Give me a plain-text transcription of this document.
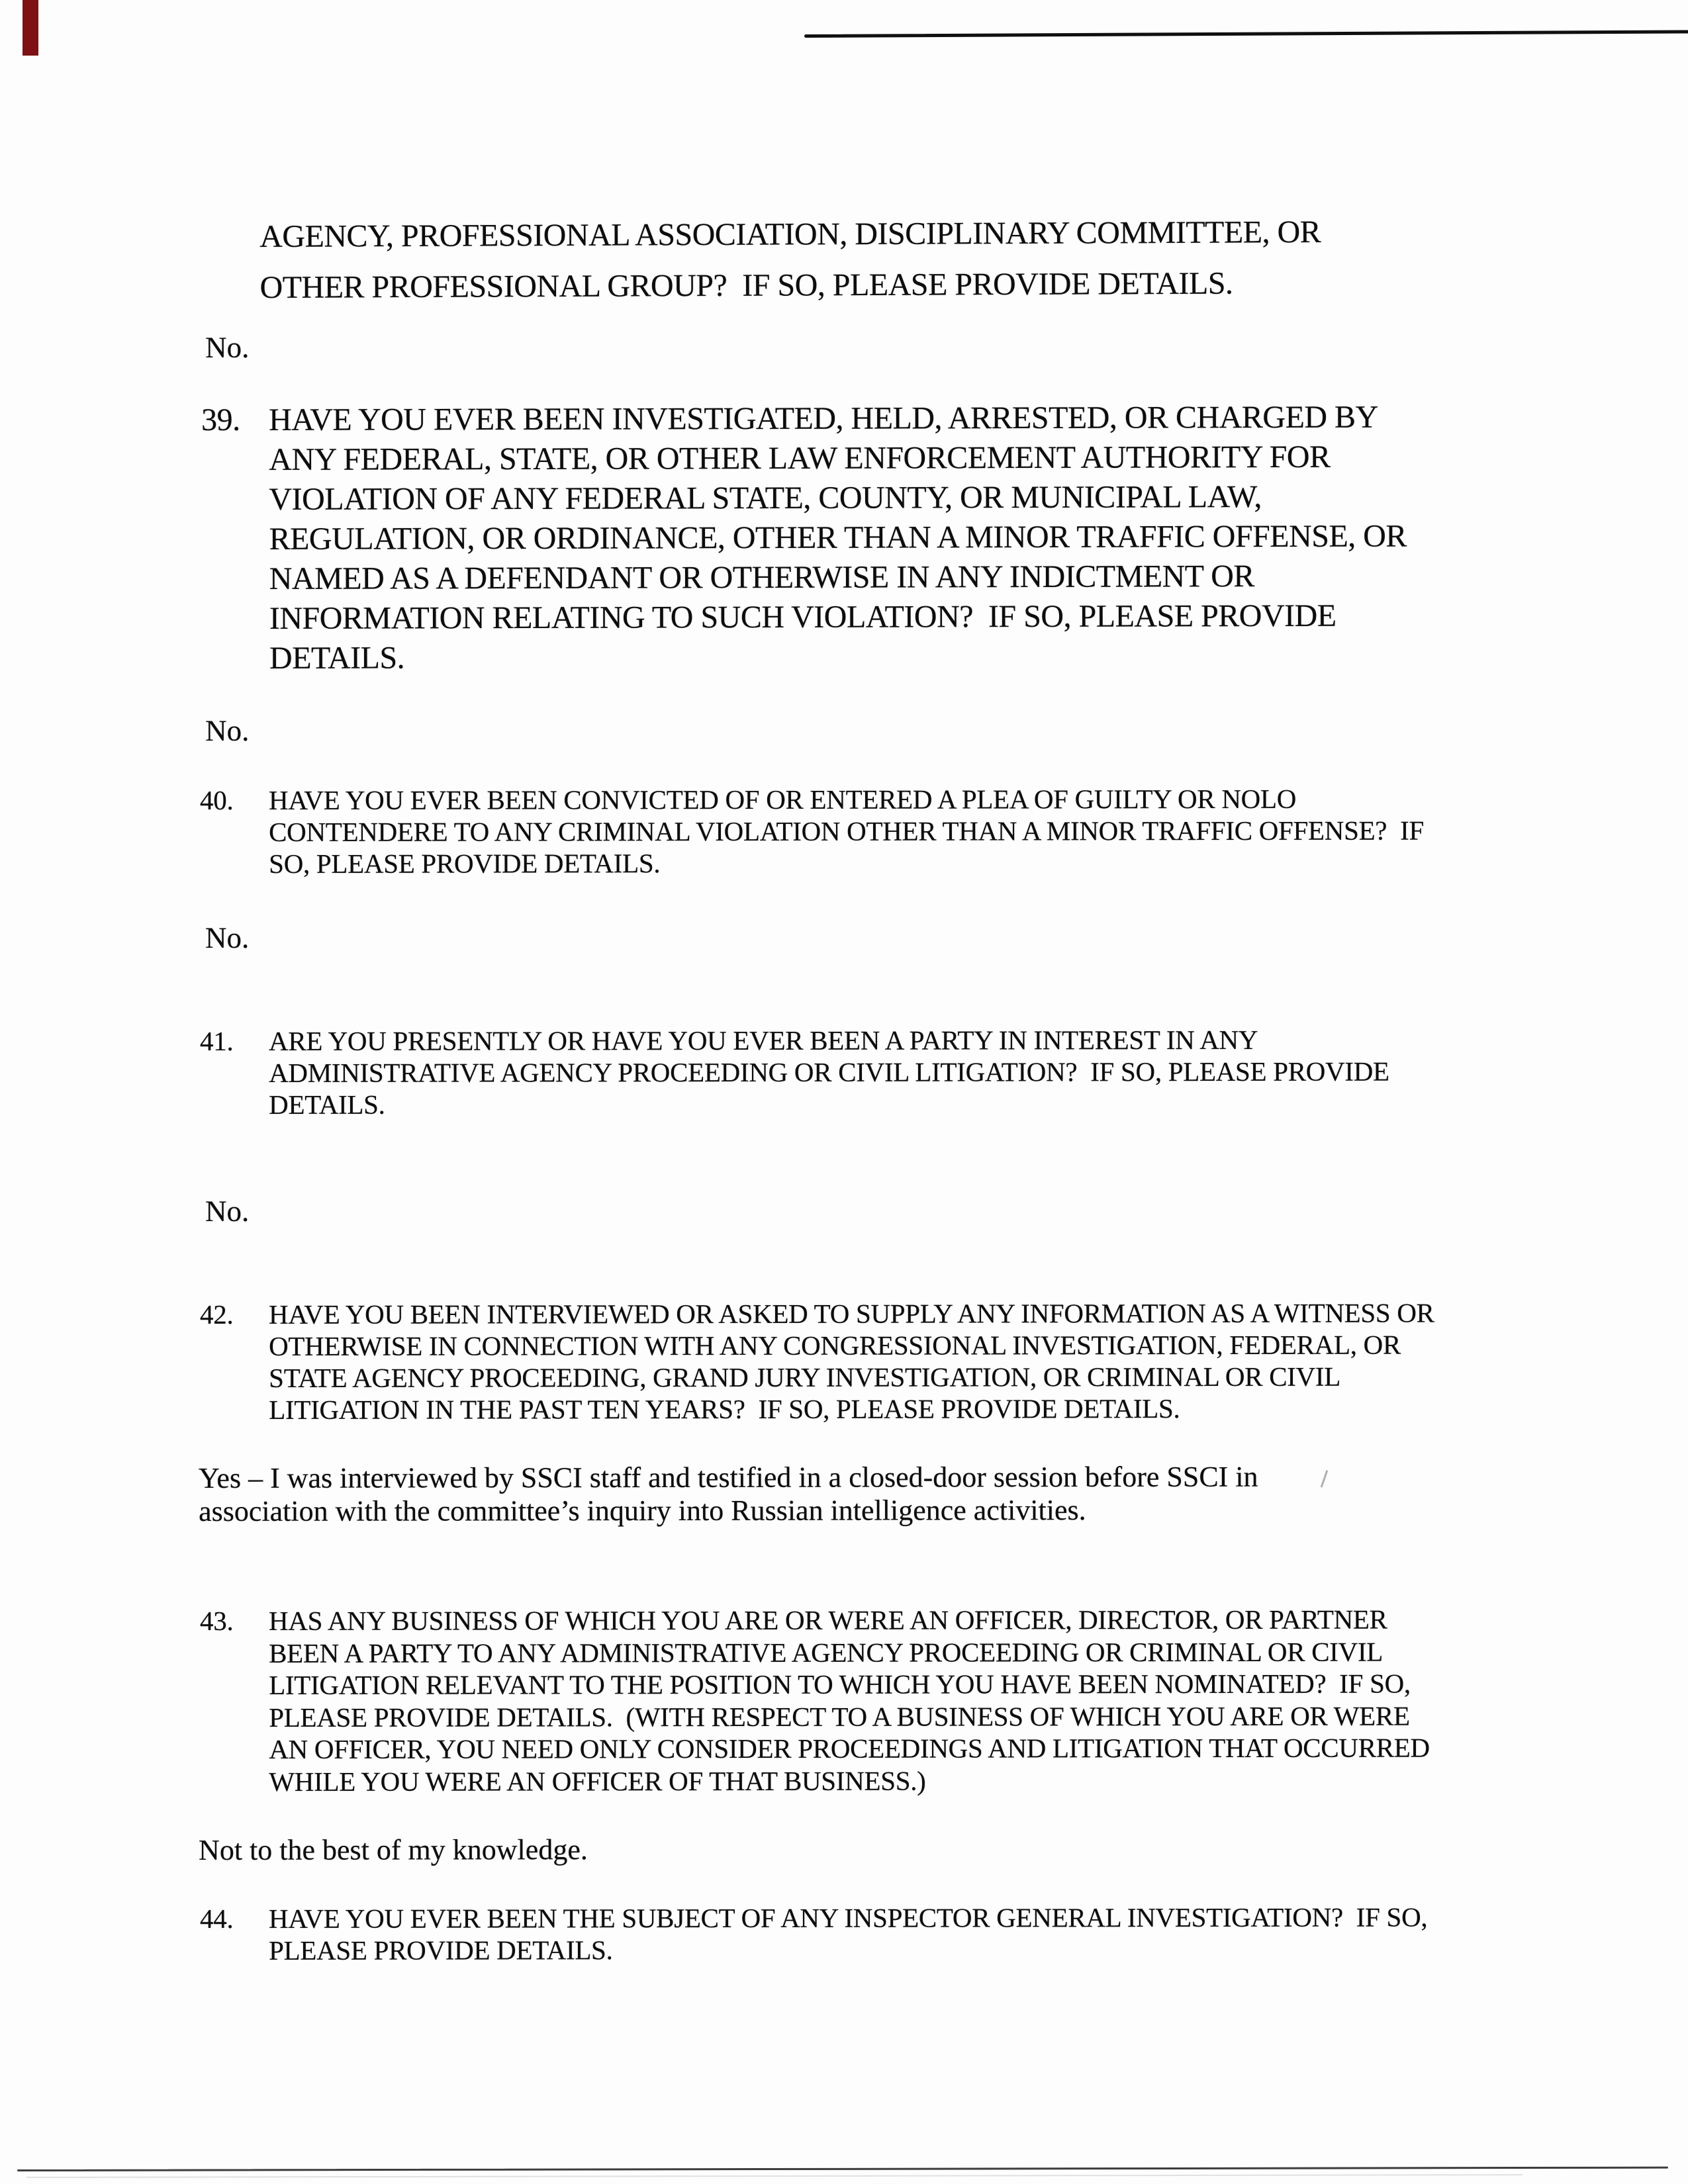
AGENCY, PROFESSIONAL ASSOCIATION, DISCIPLINARY COMMITTEE, OR
OTHER PROFESSIONAL GROUP?  IF SO, PLEASE PROVIDE DETAILS.
No.
39. HAVE YOU EVER BEEN INVESTIGATED, HELD, ARRESTED, OR CHARGED BY
ANY FEDERAL, STATE, OR OTHER LAW ENFORCEMENT AUTHORITY FOR
VIOLATION OF ANY FEDERAL STATE, COUNTY, OR MUNICIPAL LAW,
REGULATION, OR ORDINANCE, OTHER THAN A MINOR TRAFFIC OFFENSE, OR
NAMED AS A DEFENDANT OR OTHERWISE IN ANY INDICTMENT OR
INFORMATION RELATING TO SUCH VIOLATION?  IF SO, PLEASE PROVIDE
DETAILS.
No.
40. HAVE YOU EVER BEEN CONVICTED OF OR ENTERED A PLEA OF GUILTY OR NOLO
CONTENDERE TO ANY CRIMINAL VIOLATION OTHER THAN A MINOR TRAFFIC OFFENSE?  IF
SO, PLEASE PROVIDE DETAILS.
No.
41. ARE YOU PRESENTLY OR HAVE YOU EVER BEEN A PARTY IN INTEREST IN ANY
ADMINISTRATIVE AGENCY PROCEEDING OR CIVIL LITIGATION?  IF SO, PLEASE PROVIDE
DETAILS.
No.
42. HAVE YOU BEEN INTERVIEWED OR ASKED TO SUPPLY ANY INFORMATION AS A WITNESS OR
OTHERWISE IN CONNECTION WITH ANY CONGRESSIONAL INVESTIGATION, FEDERAL, OR
STATE AGENCY PROCEEDING, GRAND JURY INVESTIGATION, OR CRIMINAL OR CIVIL
LITIGATION IN THE PAST TEN YEARS?  IF SO, PLEASE PROVIDE DETAILS.
Yes – I was interviewed by SSCI staff and testified in a closed-door session before SSCI in
association with the committee’s inquiry into Russian intelligence activities.
43. HAS ANY BUSINESS OF WHICH YOU ARE OR WERE AN OFFICER, DIRECTOR, OR PARTNER
BEEN A PARTY TO ANY ADMINISTRATIVE AGENCY PROCEEDING OR CRIMINAL OR CIVIL
LITIGATION RELEVANT TO THE POSITION TO WHICH YOU HAVE BEEN NOMINATED?  IF SO,
PLEASE PROVIDE DETAILS.  (WITH RESPECT TO A BUSINESS OF WHICH YOU ARE OR WERE
AN OFFICER, YOU NEED ONLY CONSIDER PROCEEDINGS AND LITIGATION THAT OCCURRED
WHILE YOU WERE AN OFFICER OF THAT BUSINESS.)
Not to the best of my knowledge.
44. HAVE YOU EVER BEEN THE SUBJECT OF ANY INSPECTOR GENERAL INVESTIGATION?  IF SO,
PLEASE PROVIDE DETAILS.
